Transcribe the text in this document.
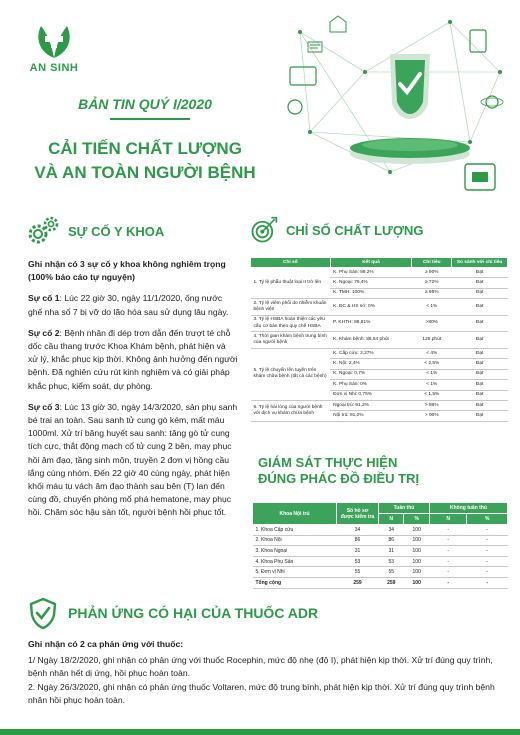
AN SINH
BẢN TIN QUÝ I/2020
CẢI TIẾN CHẤT LƯỢNG
VÀ AN TOÀN NGƯỜI BỆNH
SỰ CỐ Y KHOA

Ghi nhận có 3 sự cố y khoa không nghiêm trọng (100% báo cáo tự nguyện)

Sự cố 1: Lúc 22 giờ 30, ngày 11/1/2020, ống nước ghế nha số 7 bị vỡ do lão hóa sau sử dụng lâu ngày.

Sự cố 2: Bệnh nhân đi dép trơn dẫn đến trượt té chỗ dốc cầu thang trước Khoa Khám bệnh, phát hiện và xử lý, khắc phục kịp thời. Không ảnh hưởng đến người bệnh. Đã nghiên cứu rút kinh nghiệm và có giải pháp khắc phục, kiểm soát, dự phòng.

Sự cố 3: Lúc 13 giờ 30, ngày 14/3/2020, sản phụ sanh bé trai an toàn. Sau sanh tử cung gò kém, mất máu 1000ml. Xử trí băng huyết sau sanh: tăng gò tử cung tích cực, thắt động mạch cổ tử cung 2 bên, may phục hồi âm đạo, tầng sinh môn, truyền 2 đơn vị hồng cầu lắng cùng nhóm. Đến 22 giờ 40 cùng ngày, phát hiện khối máu tụ vách âm đạo thành sau bên (T) lan đến cùng đồ, chuyển phòng mổ phá hematone, may phục hồi. Chăm sóc hậu sản tốt, người bệnh hồi phục tốt.

CHỈ SỐ CHẤT LƯỢNG
Chỉ số	Kết quả	Chỉ tiêu	So sánh với chỉ tiêu
1. Tỷ lệ phẫu thuật loại II trở lên	K. Phụ Sản: 99,2%	≥ 90%	Đạt
	K. Ngoại: 76,4%	≥ 72%	Đạt
	K. TMH: 100%	≥ 95%	Đạt
2. Tỷ lệ viêm phổi do nhiễm khuẩn bệnh viện	K. ĐC & HS sớ: 0%	< 1%	Đạt
3. Tỷ lệ HSBA hoàn thiện các yêu cầu cơ bản theo quy chế HSBA	P. KHTH: 88,81%	>80%	Đạt
4. Thời gian khám bệnh trung bình của người bệnh	K. Khám bệnh: 86,54 phút	125 phút	Đạt
5. Tỷ lệ chuyển lên tuyến trên khám chữa bệnh (tất cả các bệnh)	K. Cấp cứu: 2,27%	< 4%	Đạt
	K. Nội: 2,4%	< 2,5%	Đạt
	K. Ngoại: 0,7%	< 1%	Đạt
	K. Phụ Sản: 0%	< 1%	Đạt
	Đơn vị Nhi: 0,75%	< 1,5%	Đạt
6. Tỷ lệ hài lòng của người bệnh với dịch vụ khám chữa bệnh	Ngoại trú: 91,2%	> 86%	Đạt
	Nội trú: 91,2%	> 90%	Đạt
GIÁM SÁT THỰC HIỆN
ĐÚNG PHÁC ĐỒ ĐIỀU TRỊ
Khoa Nội trú	Số hồ sơ được kiểm tra	Tuân thủ		Không tuân thủ	
		N	%	N	%
1. Khoa Cấp cứu	34	34	100	-	-
2. Khoa Nội	86	86	100	-	-
3. Khoa Ngoại	31	31	100	-	-
4. Khoa Phụ Sản	53	53	100	-	-
5. Đơn vị Nhi	55	55	100	-	-
Tổng cộng	259	259	100	-	-
PHẢN ỨNG CÓ HẠI CỦA THUỐC ADR
Ghi nhận có 2 ca phản ứng với thuốc:
1/ Ngày 18/2/2020, ghi nhận có phản ứng với thuốc Rocephin, mức độ nhẹ (độ I), phát hiện kịp thời. Xử trí đúng quy trình, bệnh nhân hết dị ứng, hồi phục hoàn toàn.
2. Ngày 26/3/2020, ghi nhận có phản ứng thuốc Voltaren, mức độ trung bình, phát hiện kịp thời. Xử trí đúng quy trình bệnh nhân hồi phục hoàn toàn.
